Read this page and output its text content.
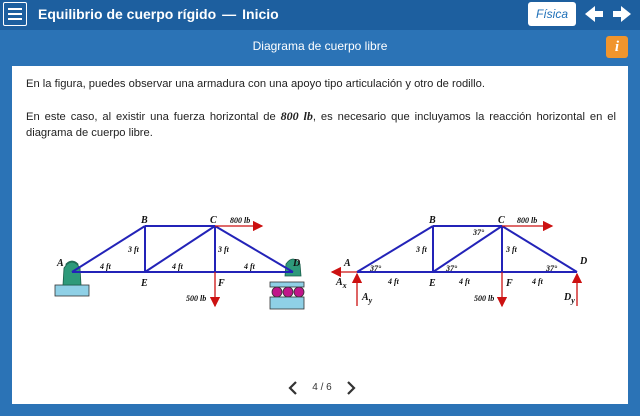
Equilibrio de cuerpo rígido — Inicio	Física
Diagrama de cuerpo libre	i

En la figura, puedes observar una armadura con una apoyo tipo articulación y otro de rodillo.

En este caso, al existir una fuerza horizontal de 800 lb, es necesario que incluyamos la reacción horizontal en el diagrama de cuerpo libre.

A
B	C
D
E	F
800 lb
500 lb
3 ft	3 ft
4 ft	4 ft	4 ft	A
B	C
D
E	F
800 lb
500 lb
$A_x$
$A_y$	$D_y$
3 ft	3 ft
4 ft	4 ft	4 ft
37°
37°
37°	37°
4 / 6
